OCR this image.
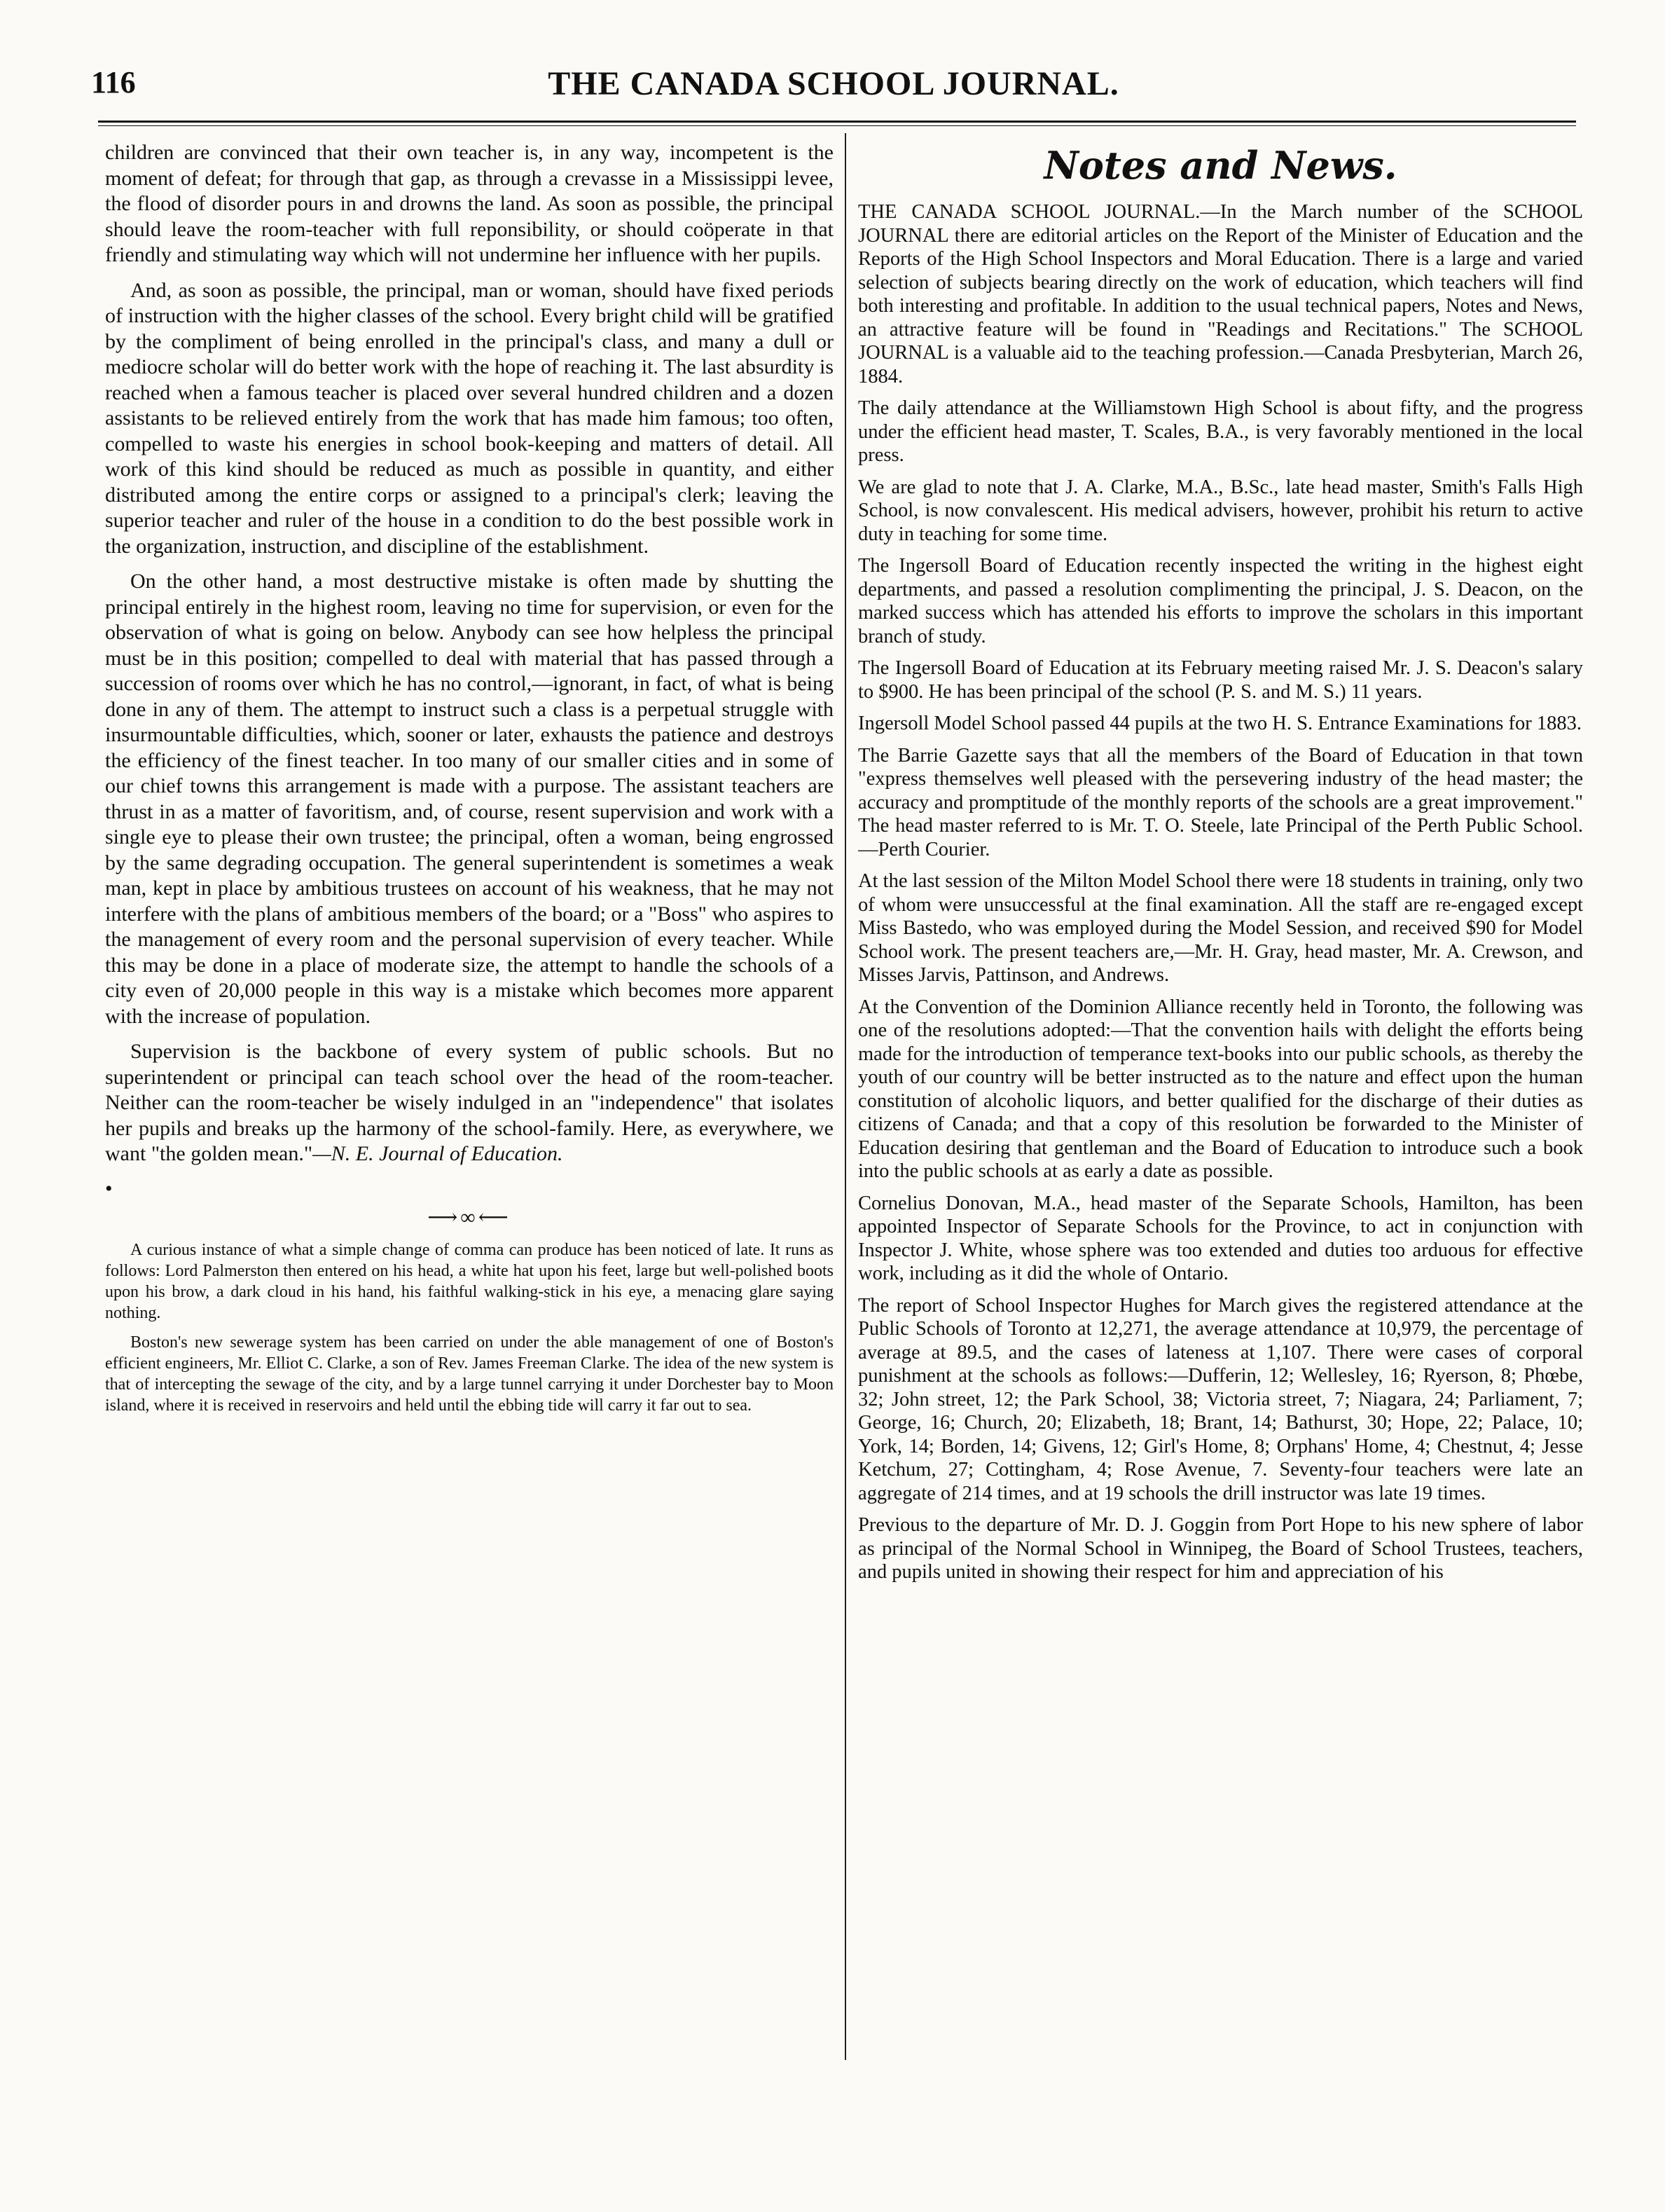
116	THE CANADA SCHOOL JOURNAL.

children are convinced that their own teacher is, in any way, incompetent is the moment of defeat; for through that gap, as through a crevasse in a Mississippi levee, the flood of disorder pours in and drowns the land. As soon as possible, the principal should leave the room-teacher with full reponsibility, or should coöperate in that friendly and stimulating way which will not undermine her influence with her pupils.

And, as soon as possible, the principal, man or woman, should have fixed periods of instruction with the higher classes of the school. Every bright child will be gratified by the compliment of being enrolled in the principal's class, and many a dull or mediocre scholar will do better work with the hope of reaching it. The last absurdity is reached when a famous teacher is placed over several hundred children and a dozen assistants to be relieved entirely from the work that has made him famous; too often, compelled to waste his energies in school book-keeping and matters of detail. All work of this kind should be reduced as much as possible in quantity, and either distributed among the entire corps or assigned to a principal's clerk; leaving the superior teacher and ruler of the house in a condition to do the best possible work in the organization, instruction, and discipline of the establishment.

On the other hand, a most destructive mistake is often made by shutting the principal entirely in the highest room, leaving no time for supervision, or even for the observation of what is going on below. Anybody can see how helpless the principal must be in this position; compelled to deal with material that has passed through a succession of rooms over which he has no control,—ignorant, in fact, of what is being done in any of them. The attempt to instruct such a class is a perpetual struggle with insurmountable difficulties, which, sooner or later, exhausts the patience and destroys the efficiency of the finest teacher. In too many of our smaller cities and in some of our chief towns this arrangement is made with a purpose. The assistant teachers are thrust in as a matter of favoritism, and, of course, resent supervision and work with a single eye to please their own trustee; the principal, often a woman, being engrossed by the same degrading occupation. The general superintendent is sometimes a weak man, kept in place by ambitious trustees on account of his weakness, that he may not interfere with the plans of ambitious members of the board; or a "Boss" who aspires to the management of every room and the personal supervision of every teacher. While this may be done in a place of moderate size, the attempt to handle the schools of a city even of 20,000 people in this way is a mistake which becomes more apparent with the increase of population.

Supervision is the backbone of every system of public schools. But no superintendent or principal can teach school over the head of the room-teacher. Neither can the room-teacher be wisely indulged in an "independence" that isolates her pupils and breaks up the harmony of the school-family. Here, as everywhere, we want "the golden mean."—N. E. Journal of Education.

•
⟶∞⟵

A curious instance of what a simple change of comma can produce has been noticed of late. It runs as follows: Lord Palmerston then entered on his head, a white hat upon his feet, large but well-polished boots upon his brow, a dark cloud in his hand, his faithful walking-stick in his eye, a menacing glare saying nothing.

Boston's new sewerage system has been carried on under the able management of one of Boston's efficient engineers, Mr. Elliot C. Clarke, a son of Rev. James Freeman Clarke. The idea of the new system is that of intercepting the sewage of the city, and by a large tunnel carrying it under Dorchester bay to Moon island, where it is received in reservoirs and held until the ebbing tide will carry it far out to sea.

Notes and News.

THE CANADA SCHOOL JOURNAL.—In the March number of the SCHOOL JOURNAL there are editorial articles on the Report of the Minister of Education and the Reports of the High School Inspectors and Moral Education. There is a large and varied selection of subjects bearing directly on the work of education, which teachers will find both interesting and profitable. In addition to the usual technical papers, Notes and News, an attractive feature will be found in "Readings and Recitations." The SCHOOL JOURNAL is a valuable aid to the teaching profession.—Canada Presbyterian, March 26, 1884.

The daily attendance at the Williamstown High School is about fifty, and the progress under the efficient head master, T. Scales, B.A., is very favorably mentioned in the local press.

We are glad to note that J. A. Clarke, M.A., B.Sc., late head master, Smith's Falls High School, is now convalescent. His medical advisers, however, prohibit his return to active duty in teaching for some time.

The Ingersoll Board of Education recently inspected the writing in the highest eight departments, and passed a resolution complimenting the principal, J. S. Deacon, on the marked success which has attended his efforts to improve the scholars in this important branch of study.

The Ingersoll Board of Education at its February meeting raised Mr. J. S. Deacon's salary to $900. He has been principal of the school (P. S. and M. S.) 11 years.

Ingersoll Model School passed 44 pupils at the two H. S. Entrance Examinations for 1883.

The Barrie Gazette says that all the members of the Board of Education in that town "express themselves well pleased with the persevering industry of the head master; the accuracy and promptitude of the monthly reports of the schools are a great improvement." The head master referred to is Mr. T. O. Steele, late Principal of the Perth Public School.—Perth Courier.

At the last session of the Milton Model School there were 18 students in training, only two of whom were unsuccessful at the final examination. All the staff are re-engaged except Miss Bastedo, who was employed during the Model Session, and received $90 for Model School work. The present teachers are,—Mr. H. Gray, head master, Mr. A. Crewson, and Misses Jarvis, Pattinson, and Andrews.

At the Convention of the Dominion Alliance recently held in Toronto, the following was one of the resolutions adopted:—That the convention hails with delight the efforts being made for the introduction of temperance text-books into our public schools, as thereby the youth of our country will be better instructed as to the nature and effect upon the human constitution of alcoholic liquors, and better qualified for the discharge of their duties as citizens of Canada; and that a copy of this resolution be forwarded to the Minister of Education desiring that gentleman and the Board of Education to introduce such a book into the public schools at as early a date as possible.

Cornelius Donovan, M.A., head master of the Separate Schools, Hamilton, has been appointed Inspector of Separate Schools for the Province, to act in conjunction with Inspector J. White, whose sphere was too extended and duties too arduous for effective work, including as it did the whole of Ontario.

The report of School Inspector Hughes for March gives the registered attendance at the Public Schools of Toronto at 12,271, the average attendance at 10,979, the percentage of average at 89.5, and the cases of lateness at 1,107. There were cases of corporal punishment at the schools as follows:—Dufferin, 12; Wellesley, 16; Ryerson, 8; Phœbe, 32; John street, 12; the Park School, 38; Victoria street, 7; Niagara, 24; Parliament, 7; George, 16; Church, 20; Elizabeth, 18; Brant, 14; Bathurst, 30; Hope, 22; Palace, 10; York, 14; Borden, 14; Givens, 12; Girl's Home, 8; Orphans' Home, 4; Chestnut, 4; Jesse Ketchum, 27; Cottingham, 4; Rose Avenue, 7. Seventy-four teachers were late an aggregate of 214 times, and at 19 schools the drill instructor was late 19 times.

Previous to the departure of Mr. D. J. Goggin from Port Hope to his new sphere of labor as principal of the Normal School in Winnipeg, the Board of School Trustees, teachers, and pupils united in showing their respect for him and appreciation of his
